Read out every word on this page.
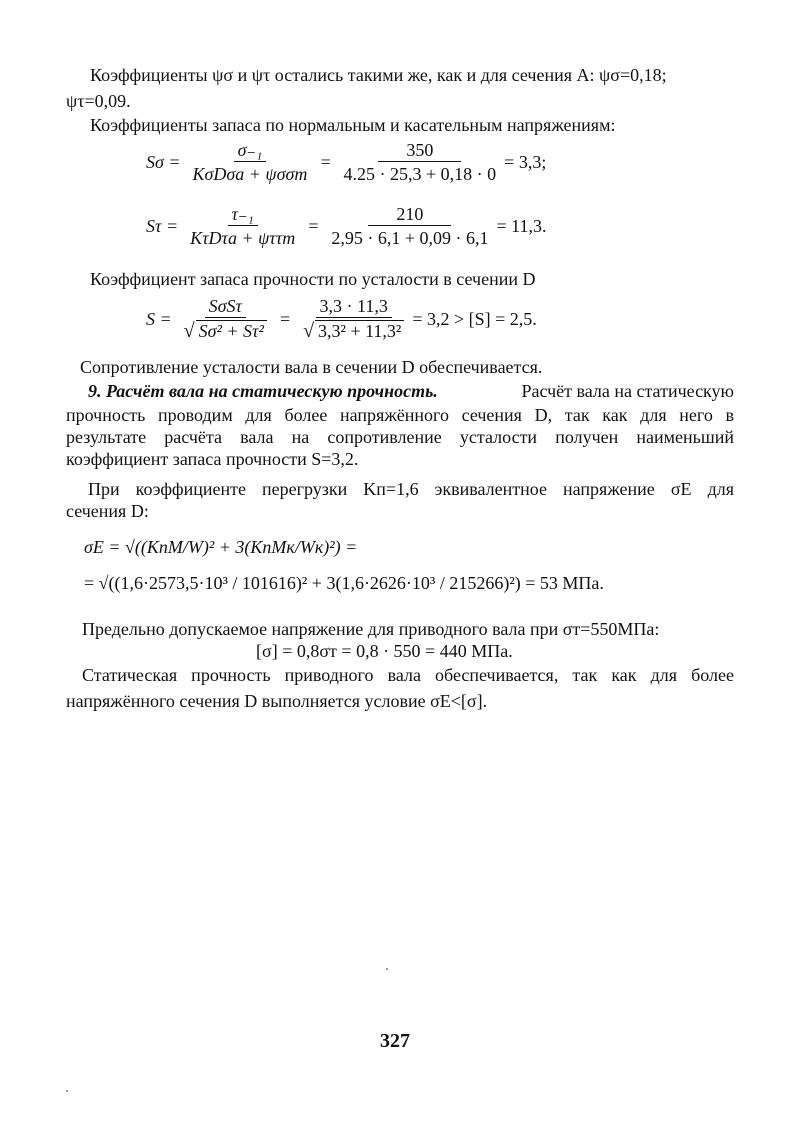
Коэффициенты ψσ и ψτ остались такими же, как и для сечения А: ψσ=0,18;
ψτ=0,09.
Коэффициенты запаса по нормальным и касательным напряжениям:
$S\sigma = \frac{\text{σ₋₁}}{\text{KσDσa + ψσσm}} = \frac{350}{4.25 \cdot 25,3 + 0,18 \cdot 0} = 3,3$;
$S\tau = \frac{\text{τ₋₁}}{\text{KτDτa + ψττm}} = \frac{210}{2,95 \cdot 6,1 + 0,09 \cdot 6,1} = 11,3$.
Коэффициент запаса прочности по усталости в сечении D
$S = \frac{\text{SσSτ}}{\text{√ Sσ² + Sτ²}} = \frac{3,3 \cdot 11,3}{\text{√ 3,3² + 11,3²}} = 3,2 > [S] = 2,5$.
Сопротивление усталости вала в сечении D обеспечивается.
9. Расчёт вала на статическую прочность.	Расчёт вала на статическую
прочность проводим для более напряжённого сечения D, так как для него в
результате расчёта вала на сопротивление усталости получен наименьший
коэффициент запаса прочности S=3,2.
При коэффициенте перегрузки Kп=1,6 эквивалентное напряжение σЕ для
сечения D:
σЕ = √((KпM/W)² + 3(KпMк/Wк)²) =
= √((1,6·2573,5·10³ / 101616)² + 3(1,6·2626·10³ / 215266)²) = 53 МПа.
Предельно допускаемое напряжение для приводного вала при σт=550МПа:
[σ] = 0,8σт = 0,8 · 550 = 440 МПа.
Статическая прочность приводного вала обеспечивается, так как для более
напряжённого сечения D выполняется условие σЕ<[σ].
327
